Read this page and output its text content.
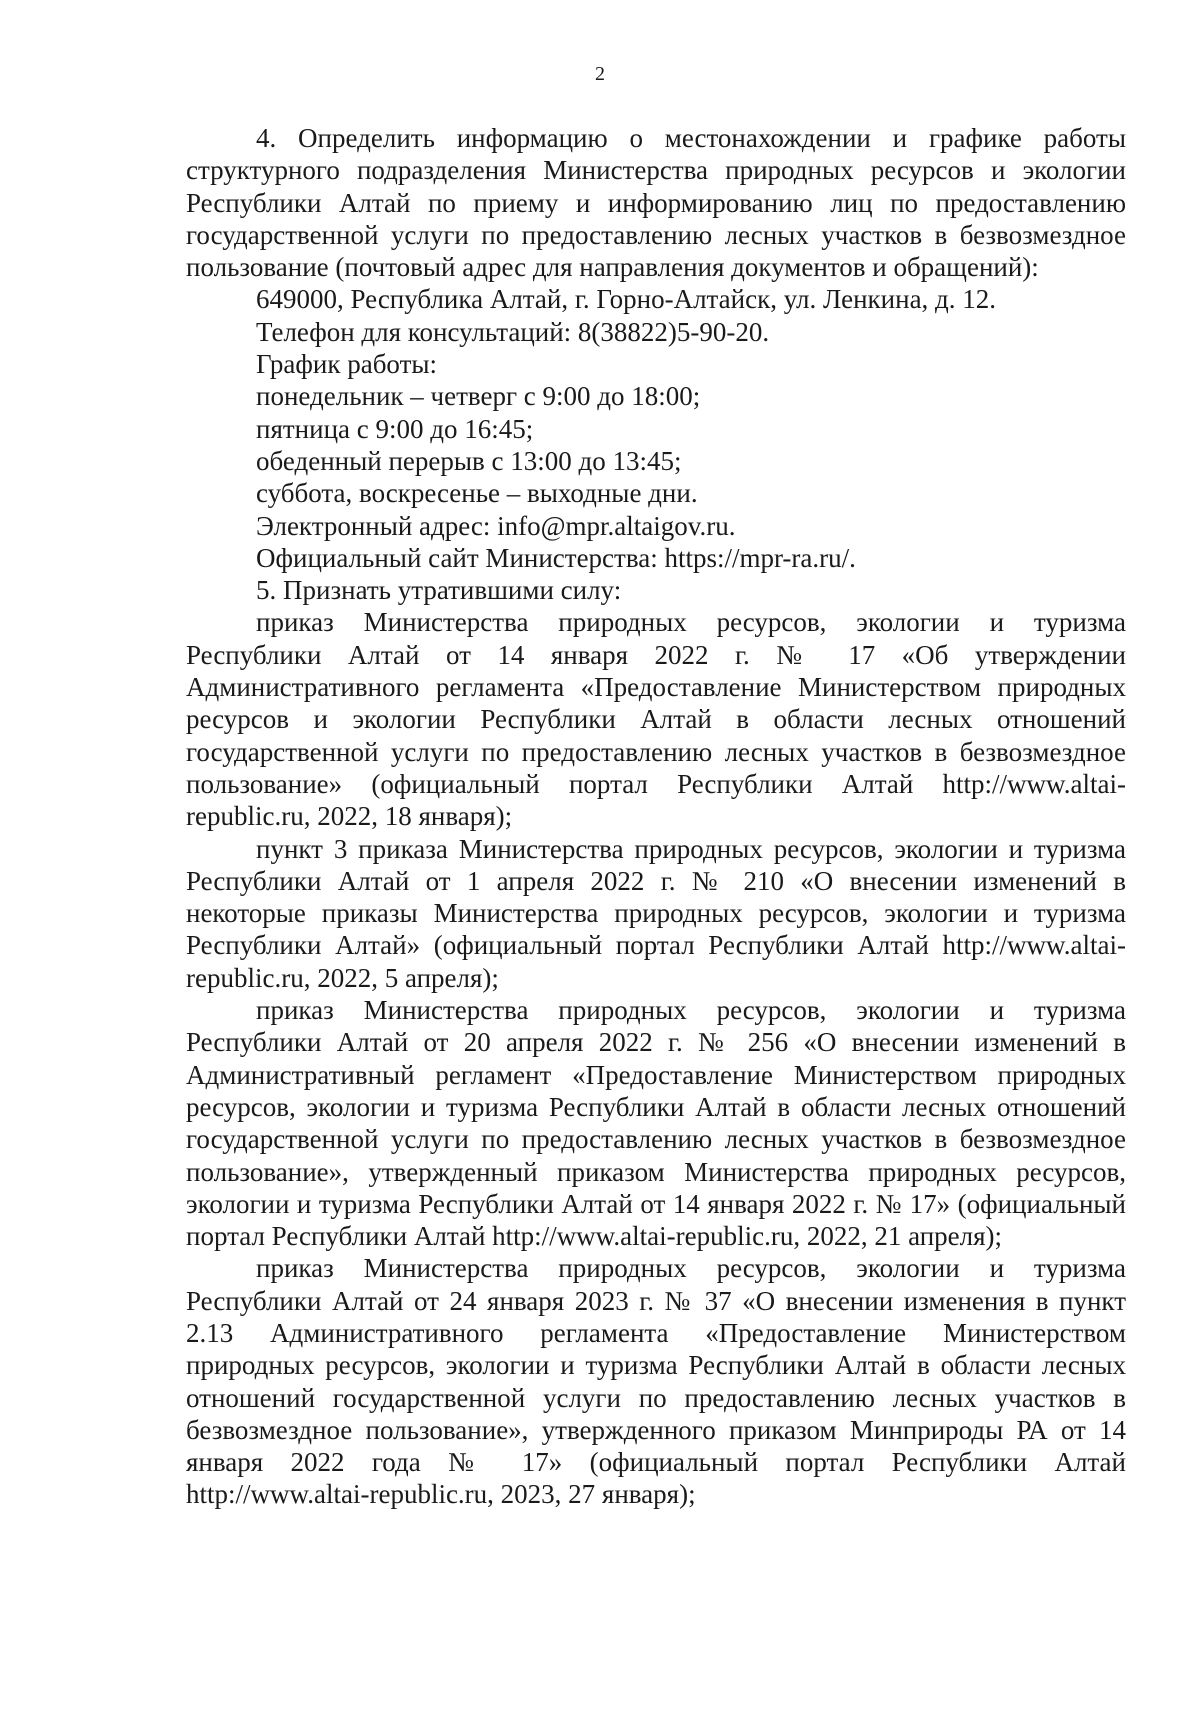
2

4. Определить информацию о местонахождении и графике работы структурного подразделения Министерства природных ресурсов и экологии Республики Алтай по приему и информированию лиц по предоставлению государственной услуги по предоставлению лесных участков в безвозмездное пользование (почтовый адрес для направления документов и обращений):

649000, Республика Алтай, г. Горно-Алтайск, ул. Ленкина, д. 12.

Телефон для консультаций: 8(38822)5-90-20.

График работы:

понедельник – четверг с 9:00 до 18:00;

пятница с 9:00 до 16:45;

обеденный перерыв с 13:00 до 13:45;

суббота, воскресенье – выходные дни.

Электронный адрес: info@mpr.altaigov.ru.

Официальный сайт Министерства: https://mpr-ra.ru/.

5. Признать утратившими силу:

приказ Министерства природных ресурсов, экологии и туризма Республики Алтай от 14 января 2022 г. № 17 «Об утверждении Административного регламента «Предоставление Министерством природных ресурсов и экологии Республики Алтай в области лесных отношений государственной услуги по предоставлению лесных участков в безвозмездное пользование» (официальный портал Республики Алтай http://www.altai-republic.ru, 2022, 18 января);

пункт 3 приказа Министерства природных ресурсов, экологии и туризма Республики Алтай от 1 апреля 2022 г. № 210 «О внесении изменений в некоторые приказы Министерства природных ресурсов, экологии и туризма Республики Алтай» (официальный портал Республики Алтай http://www.altai-republic.ru, 2022, 5 апреля);

приказ Министерства природных ресурсов, экологии и туризма Республики Алтай от 20 апреля 2022 г. № 256 «О внесении изменений в Административный регламент «Предоставление Министерством природных ресурсов, экологии и туризма Республики Алтай в области лесных отношений государственной услуги по предоставлению лесных участков в безвозмездное пользование», утвержденный приказом Министерства природных ресурсов, экологии и туризма Республики Алтай от 14 января 2022 г. № 17» (официальный портал Республики Алтай http://www.altai-republic.ru, 2022, 21 апреля);

приказ Министерства природных ресурсов, экологии и туризма Республики Алтай от 24 января 2023 г. № 37 «О внесении изменения в пункт 2.13 Административного регламента «Предоставление Министерством природных ресурсов, экологии и туризма Республики Алтай в области лесных отношений государственной услуги по предоставлению лесных участков в безвозмездное пользование», утвержденного приказом Минприроды РА от 14 января 2022 года № 17» (официальный портал Республики Алтай http://www.altai-republic.ru, 2023, 27 января);
